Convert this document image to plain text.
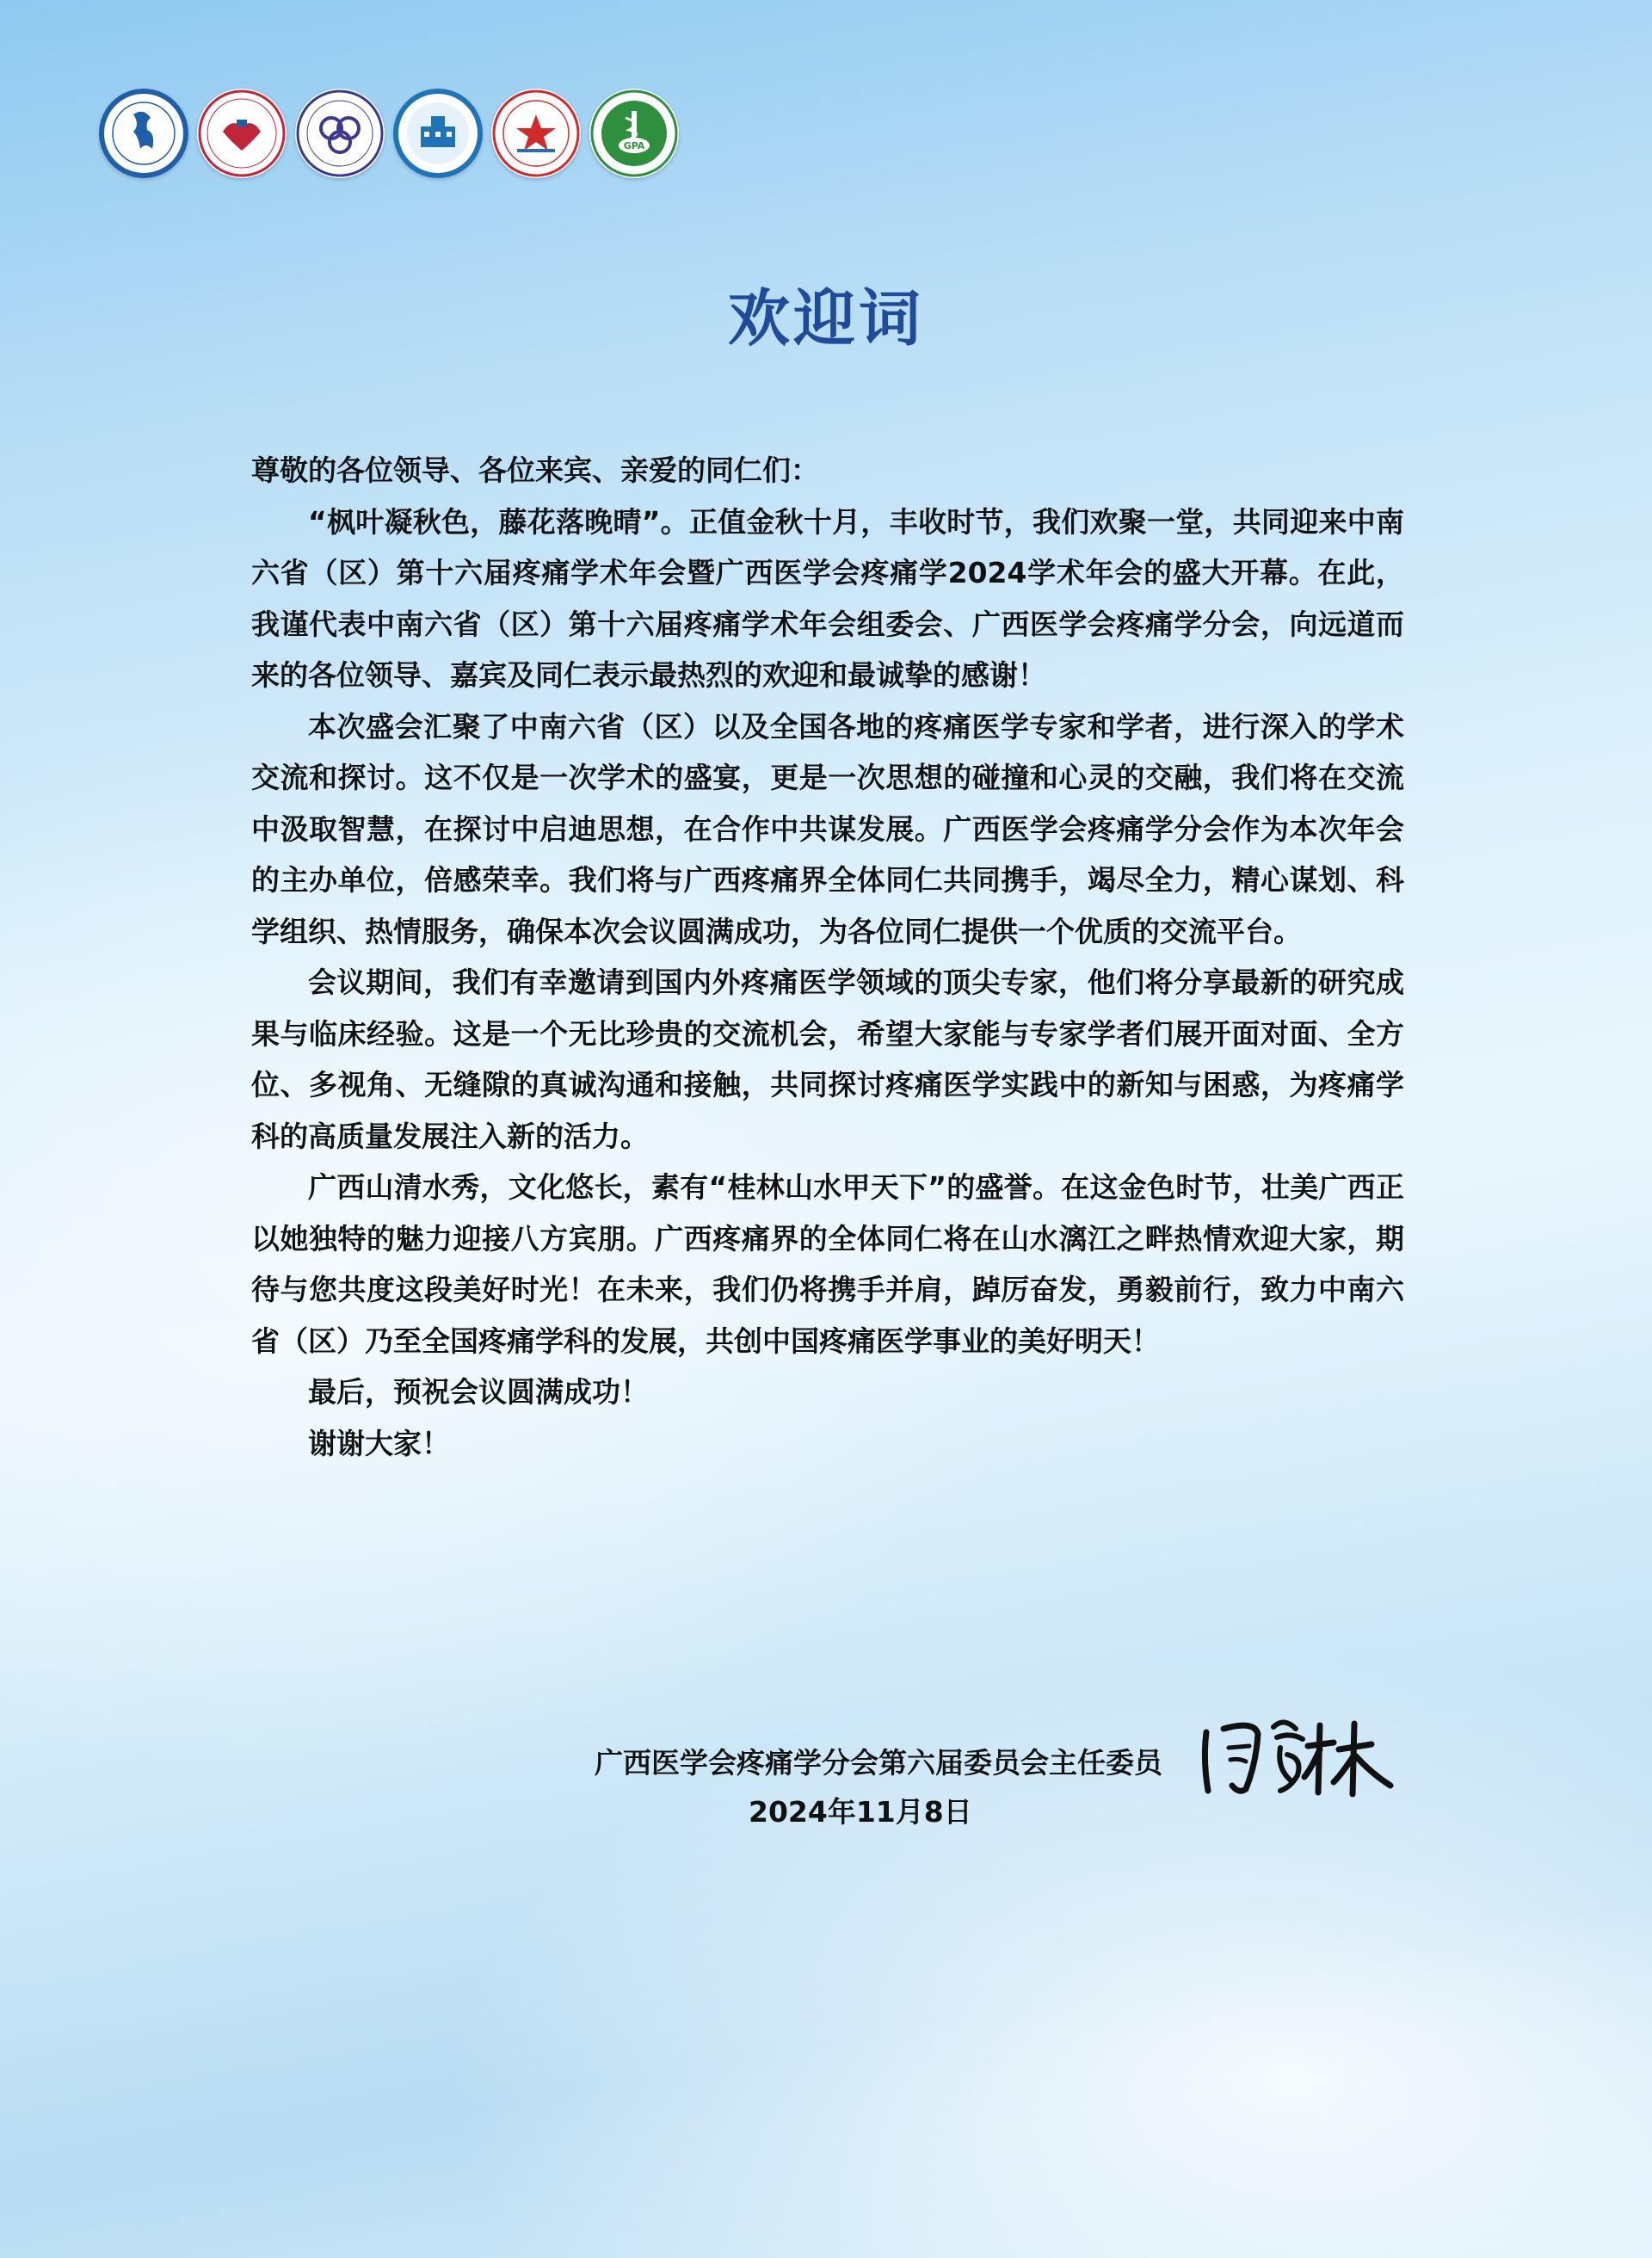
GPA
欢迎词

尊敬的各位领导、各位来宾、亲爱的同仁们：

“枫叶凝秋色，藤花落晚晴”。正值金秋十月，丰收时节，我们欢聚一堂，共同迎来中南六省（区）第十六届疼痛学术年会暨广西医学会疼痛学2024学术年会的盛大开幕。在此，我谨代表中南六省（区）第十六届疼痛学术年会组委会、广西医学会疼痛学分会，向远道而来的各位领导、嘉宾及同仁表示最热烈的欢迎和最诚挚的感谢！

本次盛会汇聚了中南六省（区）以及全国各地的疼痛医学专家和学者，进行深入的学术交流和探讨。这不仅是一次学术的盛宴，更是一次思想的碰撞和心灵的交融，我们将在交流中汲取智慧，在探讨中启迪思想，在合作中共谋发展。广西医学会疼痛学分会作为本次年会的主办单位，倍感荣幸。我们将与广西疼痛界全体同仁共同携手，竭尽全力，精心谋划、科学组织、热情服务，确保本次会议圆满成功，为各位同仁提供一个优质的交流平台。

会议期间，我们有幸邀请到国内外疼痛医学领域的顶尖专家，他们将分享最新的研究成果与临床经验。这是一个无比珍贵的交流机会，希望大家能与专家学者们展开面对面、全方位、多视角、无缝隙的真诚沟通和接触，共同探讨疼痛医学实践中的新知与困惑，为疼痛学科的高质量发展注入新的活力。

广西山清水秀，文化悠长，素有“桂林山水甲天下”的盛誉。在这金色时节，壮美广西正以她独特的魅力迎接八方宾朋。广西疼痛界的全体同仁将在山水漓江之畔热情欢迎大家，期待与您共度这段美好时光！在未来，我们仍将携手并肩，踔厉奋发，勇毅前行，致力中南六省（区）乃至全国疼痛学科的发展，共创中国疼痛医学事业的美好明天！

最后，预祝会议圆满成功！

谢谢大家！

广西医学会疼痛学分会第六届委员会主任委员
2024年11月8日
